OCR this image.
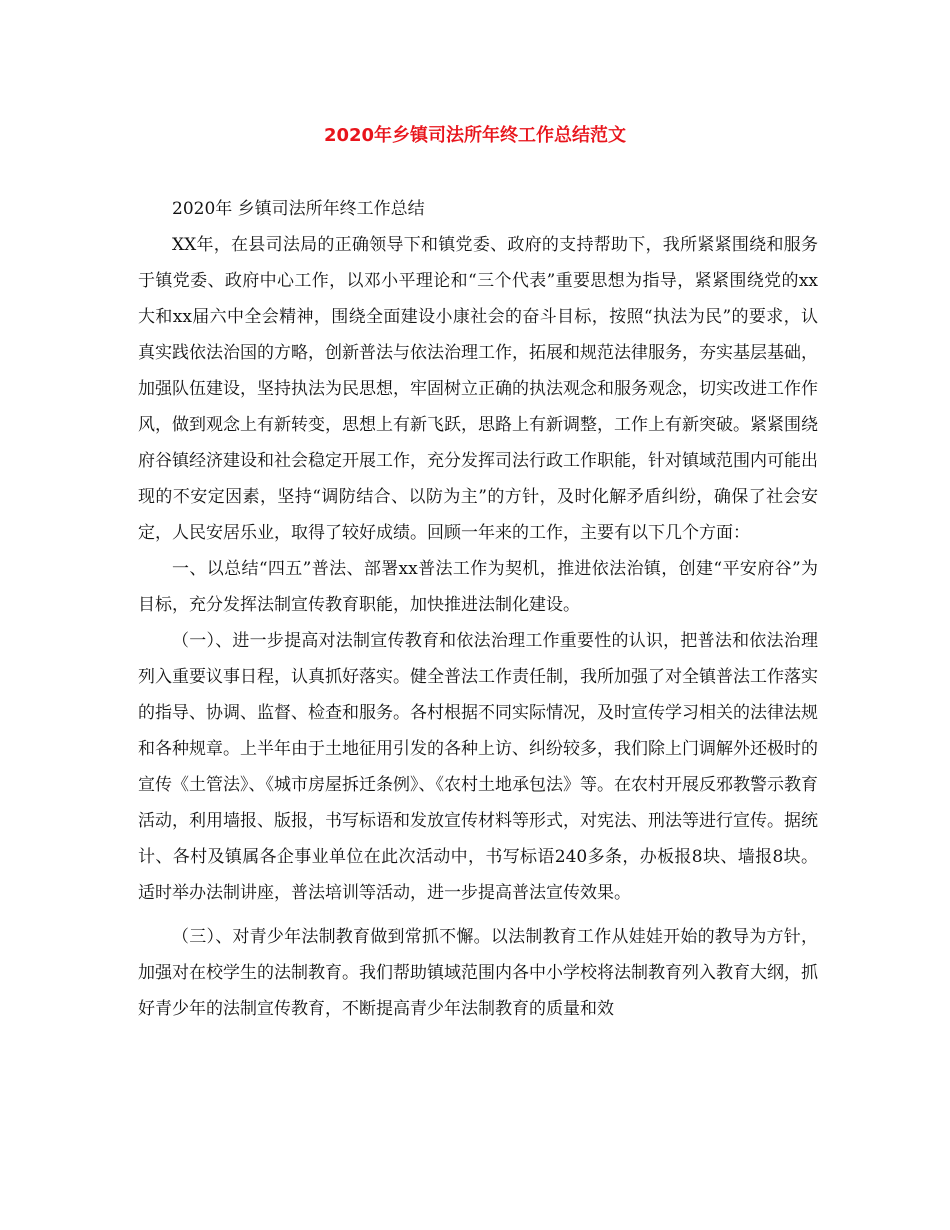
2020年乡镇司法所年终工作总结范文

2020年 乡镇司法所年终工作总结

XX年，在县司法局的正确领导下和镇党委、政府的支持帮助下，我所紧紧围绕和服务于镇党委、政府中心工作，以邓小平理论和“三个代表”重要思想为指导，紧紧围绕党的xx大和xx届六中全会精神，围绕全面建设小康社会的奋斗目标，按照“执法为民”的要求，认真实践依法治国的方略，创新普法与依法治理工作，拓展和规范法律服务，夯实基层基础，加强队伍建设，坚持执法为民思想，牢固树立正确的执法观念和服务观念，切实改进工作作风，做到观念上有新转变，思想上有新飞跃，思路上有新调整，工作上有新突破。紧紧围绕府谷镇经济建设和社会稳定开展工作，充分发挥司法行政工作职能，针对镇域范围内可能出现的不安定因素，坚持“调防结合、以防为主”的方针，及时化解矛盾纠纷，确保了社会安定，人民安居乐业，取得了较好成绩。回顾一年来的工作，主要有以下几个方面：

一、以总结“四五”普法、部署xx普法工作为契机，推进依法治镇，创建“平安府谷”为目标，充分发挥法制宣传教育职能，加快推进法制化建设。

（一）、进一步提高对法制宣传教育和依法治理工作重要性的认识，把普法和依法治理列入重要议事日程，认真抓好落实。健全普法工作责任制，我所加强了对全镇普法工作落实的指导、协调、监督、检查和服务。各村根据不同实际情况，及时宣传学习相关的法律法规和各种规章。上半年由于土地征用引发的各种上访、纠纷较多，我们除上门调解外还极时的宣传《土管法》、《城市房屋拆迁条例》、《农村土地承包法》等。在农村开展反邪教警示教育活动，利用墙报、版报，书写标语和发放宣传材料等形式，对宪法、刑法等进行宣传。据统计、各村及镇属各企事业单位在此次活动中，书写标语240多条，办板报8块、墙报8块。适时举办法制讲座，普法培训等活动，进一步提高普法宣传效果。

（三）、对青少年法制教育做到常抓不懈。以法制教育工作从娃娃开始的教导为方针，加强对在校学生的法制教育。我们帮助镇域范围内各中小学校将法制教育列入教育大纲，抓好青少年的法制宣传教育，不断提高青少年法制教育的质量和效
